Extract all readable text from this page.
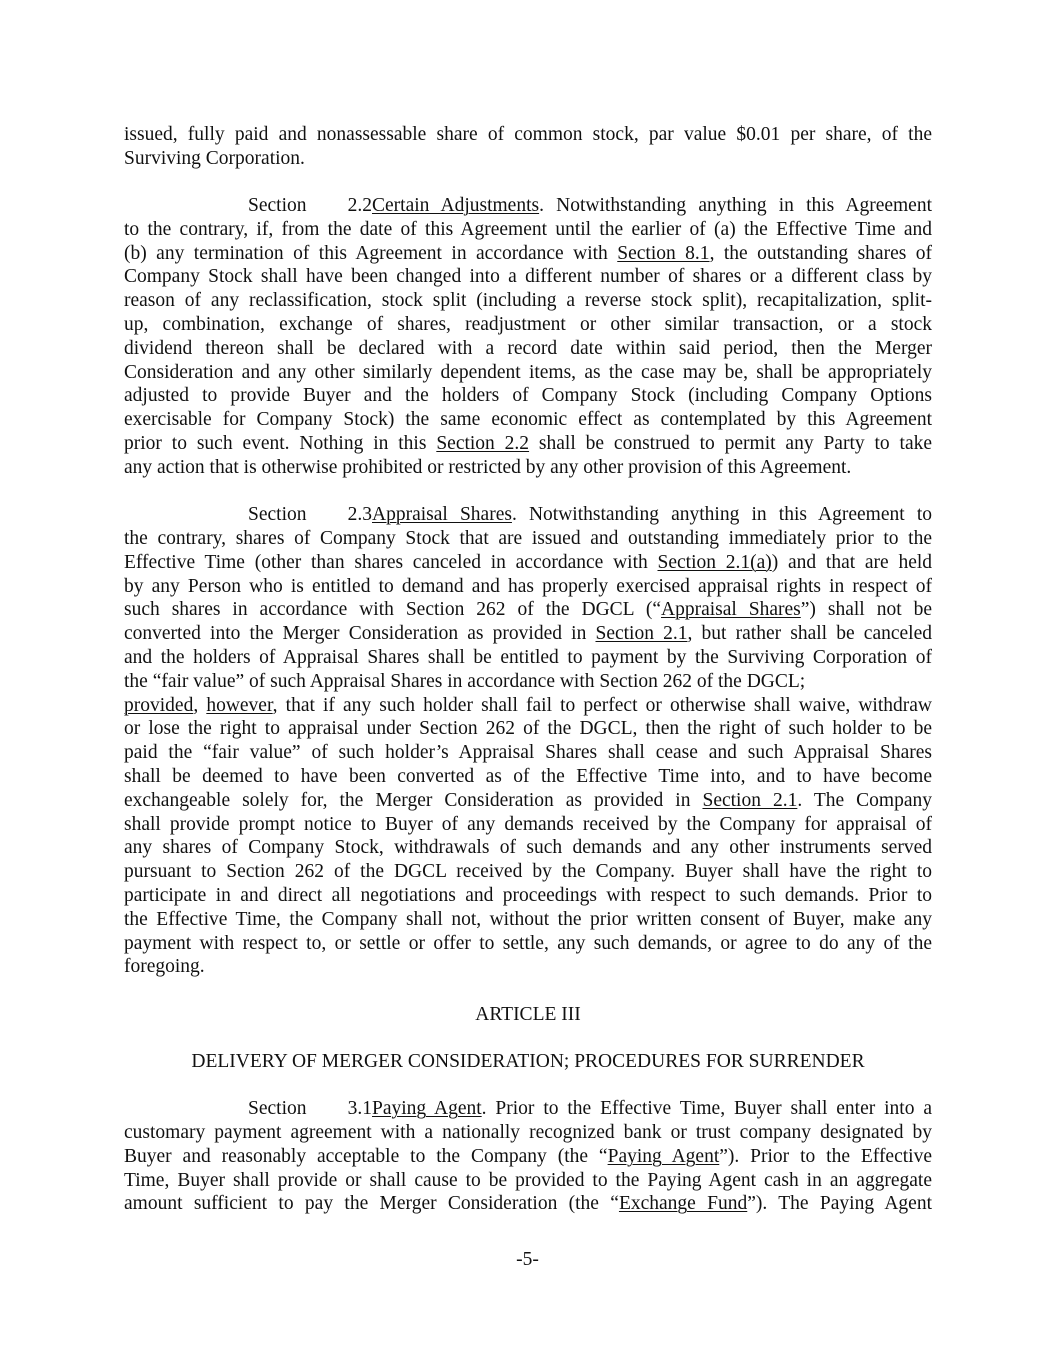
issued, fully paid and nonassessable share of common stock, par value $0.01 per share, of the
Surviving Corporation.
Section 2.2Certain Adjustments. Notwithstanding anything in this Agreement
to the contrary, if, from the date of this Agreement until the earlier of (a) the Effective Time and
(b) any termination of this Agreement in accordance with Section 8.1, the outstanding shares of
Company Stock shall have been changed into a different number of shares or a different class by
reason of any reclassification, stock split (including a reverse stock split), recapitalization, split-
up, combination, exchange of shares, readjustment or other similar transaction, or a stock
dividend thereon shall be declared with a record date within said period, then the Merger
Consideration and any other similarly dependent items, as the case may be, shall be appropriately
adjusted to provide Buyer and the holders of Company Stock (including Company Options
exercisable for Company Stock) the same economic effect as contemplated by this Agreement
prior to such event. Nothing in this Section 2.2 shall be construed to permit any Party to take
any action that is otherwise prohibited or restricted by any other provision of this Agreement.
Section 2.3Appraisal Shares. Notwithstanding anything in this Agreement to
the contrary, shares of Company Stock that are issued and outstanding immediately prior to the
Effective Time (other than shares canceled in accordance with Section 2.1(a)) and that are held
by any Person who is entitled to demand and has properly exercised appraisal rights in respect of
such shares in accordance with Section 262 of the DGCL (“Appraisal Shares”) shall not be
converted into the Merger Consideration as provided in Section 2.1, but rather shall be canceled
and the holders of Appraisal Shares shall be entitled to payment by the Surviving Corporation of
the “fair value” of such Appraisal Shares in accordance with Section 262 of the DGCL;
provided, however, that if any such holder shall fail to perfect or otherwise shall waive, withdraw
or lose the right to appraisal under Section 262 of the DGCL, then the right of such holder to be
paid the “fair value” of such holder’s Appraisal Shares shall cease and such Appraisal Shares
shall be deemed to have been converted as of the Effective Time into, and to have become
exchangeable solely for, the Merger Consideration as provided in Section 2.1. The Company
shall provide prompt notice to Buyer of any demands received by the Company for appraisal of
any shares of Company Stock, withdrawals of such demands and any other instruments served
pursuant to Section 262 of the DGCL received by the Company. Buyer shall have the right to
participate in and direct all negotiations and proceedings with respect to such demands. Prior to
the Effective Time, the Company shall not, without the prior written consent of Buyer, make any
payment with respect to, or settle or offer to settle, any such demands, or agree to do any of the
foregoing.
ARTICLE III
DELIVERY OF MERGER CONSIDERATION; PROCEDURES FOR SURRENDER
Section 3.1Paying Agent. Prior to the Effective Time, Buyer shall enter into a
customary payment agreement with a nationally recognized bank or trust company designated by
Buyer and reasonably acceptable to the Company (the “Paying Agent”). Prior to the Effective
Time, Buyer shall provide or shall cause to be provided to the Paying Agent cash in an aggregate
amount sufficient to pay the Merger Consideration (the “Exchange Fund”). The Paying Agent
-5-
